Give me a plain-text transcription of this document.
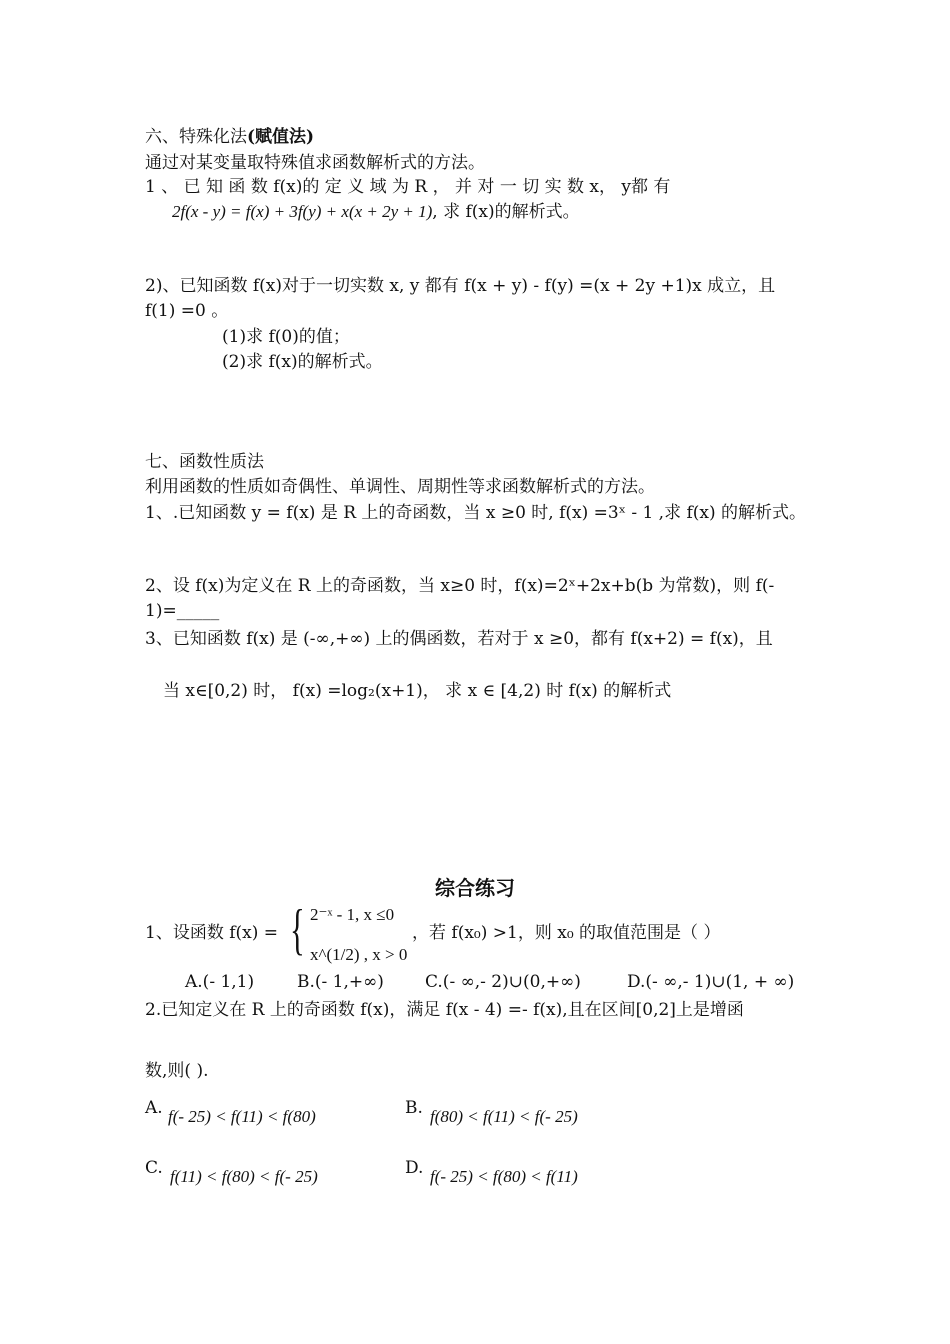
六、特殊化法(赋值法)
通过对某变量取特殊值求函数解析式的方法。
1 、 已 知 函 数 f(x)的 定 义 域 为 R ， 并 对 一 切 实 数 x， y都 有
2f(x - y) = f(x) + 3f(y) + x(x + 2y + 1), 求 f(x)的解析式。
2)、已知函数 f(x)对于一切实数 x, y 都有 f(x + y) - f(y) =(x + 2y +1)x 成立，且
f(1) =0 。
(1)求 f(0)的值；
(2)求 f(x)的解析式。
七、函数性质法
利用函数的性质如奇偶性、单调性、周期性等求函数解析式的方法。
1、.已知函数 y = f(x) 是 R 上的奇函数，当 x ≥0 时, f(x) =3ˣ - 1 ,求 f(x) 的解析式。
2、设 f(x)为定义在 R 上的奇函数，当 x≥0 时，f(x)=2ˣ+2x+b(b 为常数)，则 f(-
1)=_____
3、已知函数 f(x) 是 (-∞,+∞) 上的偶函数，若对于 x ≥0，都有 f(x+2) = f(x)，且
当 x∈[0,2) 时， f(x) =log₂(x+1)， 求 x ∈ [4,2) 时 f(x) 的解析式
综合练习
1、设函数 f(x) = { 2⁻ˣ - 1, x ≤0
x^(1/2) , x > 0
，若 f(x₀) >1，则 x₀ 的取值范围是（ ）
A.(- 1,1)	B.(- 1,+∞) C.(- ∞,- 2)∪(0,+∞)	D.(- ∞,- 1)∪(1, + ∞)
2.已知定义在 R 上的奇函数 f(x)，满足 f(x - 4) =- f(x),且在区间[0,2]上是增函
数,则( ).
A. f(- 25) < f(11) < f(80)	B. f(80) < f(11) < f(- 25)
C. f(11) < f(80) < f(- 25)	D. f(- 25) < f(80) < f(11)
